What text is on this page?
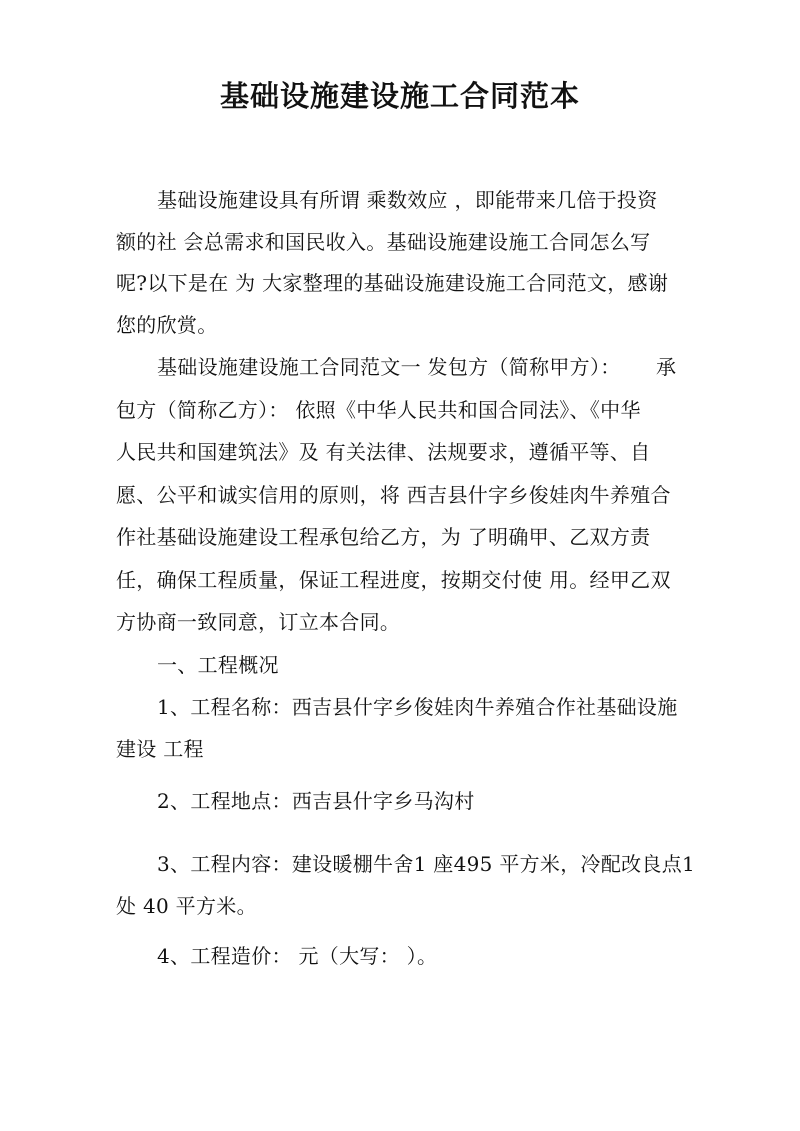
基础设施建设施工合同范本
基础设施建设具有所谓 乘数效应 ，即能带来几倍于投资
额的社 会总需求和国民收入。基础设施建设施工合同怎么写
呢?以下是在 为 大家整理的基础设施建设施工合同范文，感谢
您的欣赏。
基础设施建设施工合同范文一 发包方（简称甲方）： 承
包方（简称乙方）： 依照《中华人民共和国合同法》、《中华
人民共和国建筑法》及 有关法律、法规要求，遵循平等、自
愿、公平和诚实信用的原则，将 西吉县什字乡俊娃肉牛养殖合
作社基础设施建设工程承包给乙方，为 了明确甲、乙双方责
任，确保工程质量，保证工程进度，按期交付使 用。经甲乙双
方协商一致同意，订立本合同。
一、工程概况
1、工程名称：西吉县什字乡俊娃肉牛养殖合作社基础设施
建设 工程
2、工程地点：西吉县什字乡马沟村
3、工程内容：建设暖棚牛舍1 座495 平方米，冷配改良点1
处 40 平方米。
4、工程造价： 元（大写： ）。
